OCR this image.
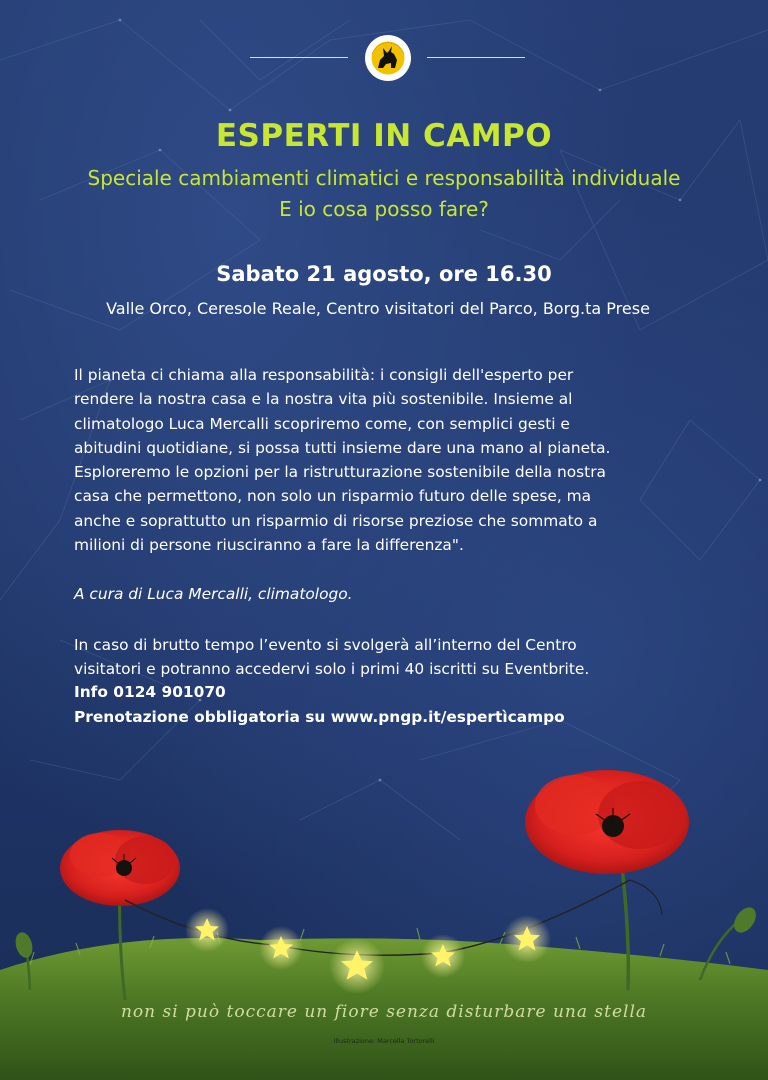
ESPERTI IN CAMPO
Speciale cambiamenti climatici e responsabilità individuale
E io cosa posso fare?
Sabato 21 agosto, ore 16.30
Valle Orco, Ceresole Reale, Centro visitatori del Parco, Borg.ta Prese
Il pianeta ci chiama alla responsabilità: i consigli dell'esperto per
rendere la nostra casa e la nostra vita più sostenibile. Insieme al
climatologo Luca Mercalli scopriremo come, con semplici gesti e
abitudini quotidiane, si possa tutti insieme dare una mano al pianeta.
Esploreremo le opzioni per la ristrutturazione sostenibile della nostra
casa che permettono, non solo un risparmio futuro delle spese, ma
anche e soprattutto un risparmio di risorse preziose che sommato a
milioni di persone riusciranno a fare la differenza".
A cura di Luca Mercalli, climatologo.
In caso di brutto tempo l’evento si svolgerà all’interno del Centro
visitatori e potranno accedervi solo i primi 40 iscritti su Eventbrite.
Info 0124 901070
Prenotazione obbligatoria su www.pngp.it/espertìcampo
non si può toccare un fiore senza disturbare una stella
Illustrazione: Marcella Tortorelli
